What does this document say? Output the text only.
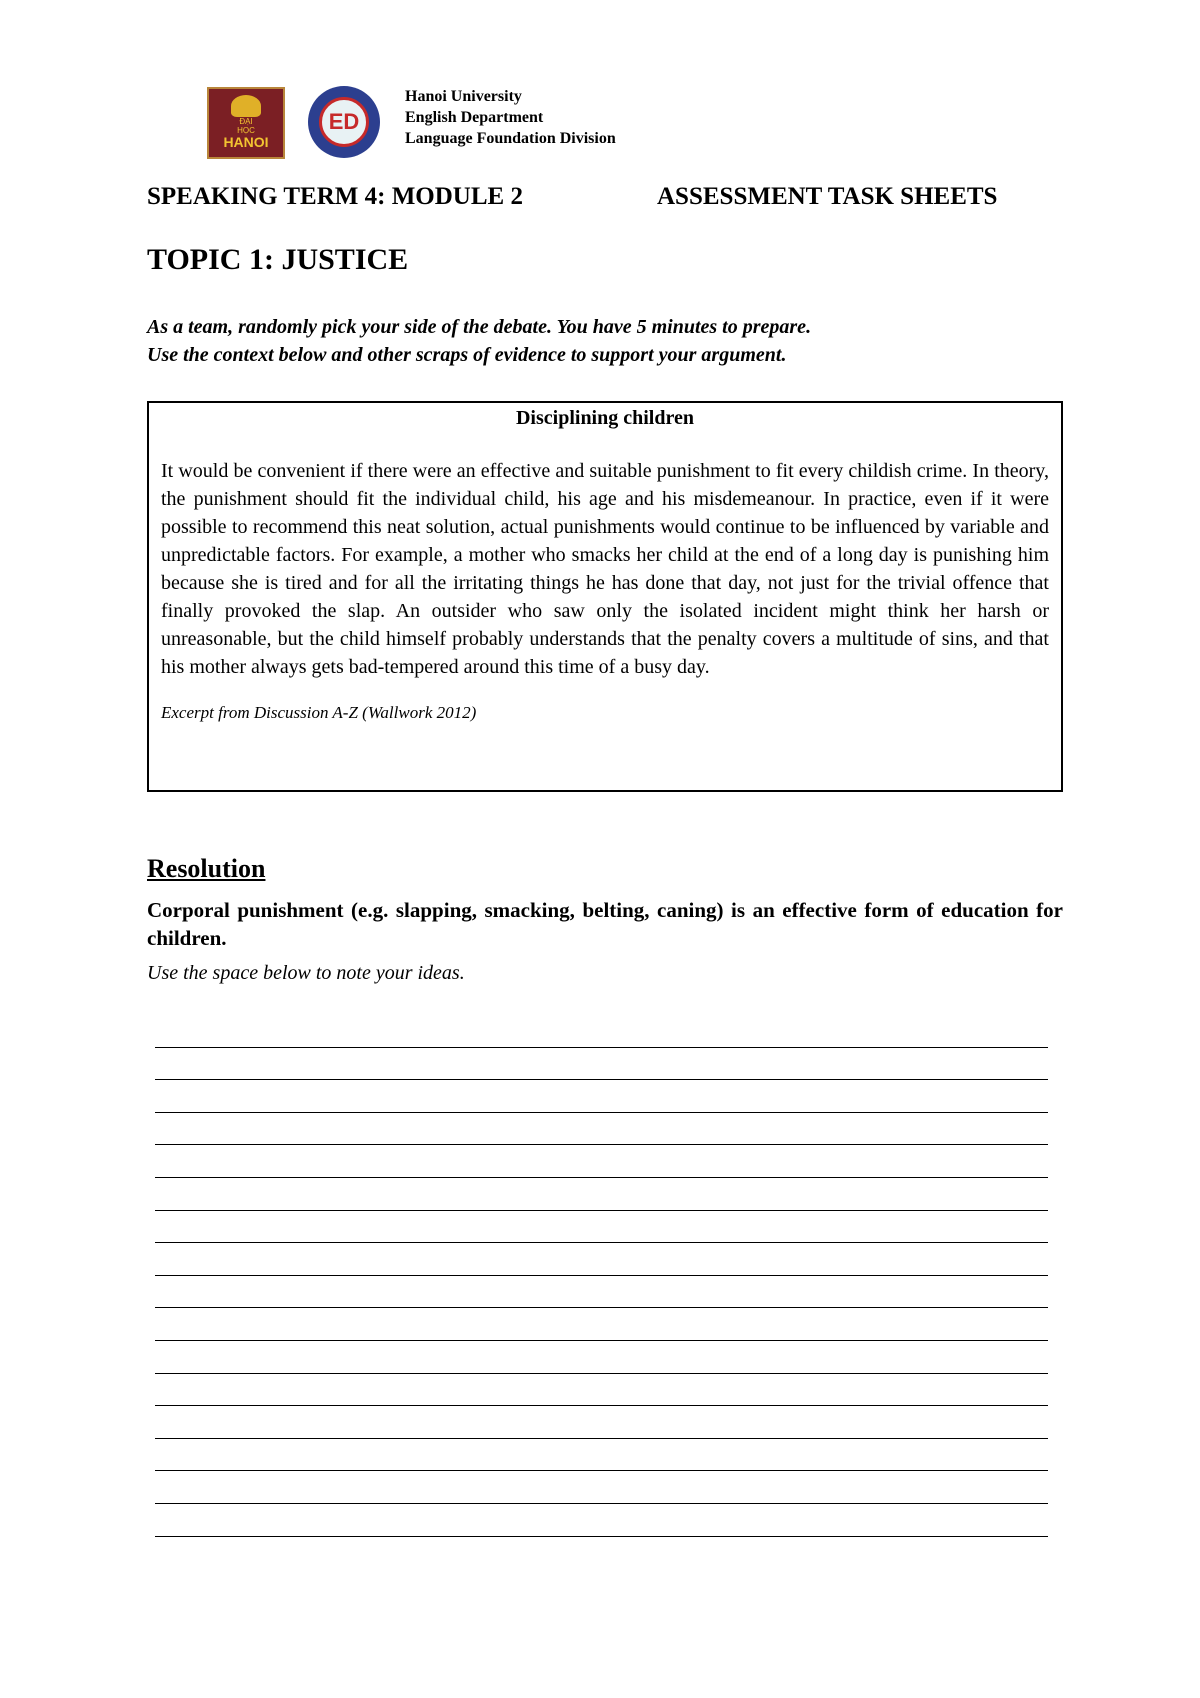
ĐẠI
HỌC
HANOI
ED
Hanoi University
English Department
Language Foundation Division
SPEAKING TERM 4: MODULE 2	ASSESSMENT TASK SHEETS
TOPIC 1: JUSTICE
As a team, randomly pick your side of the debate. You have 5 minutes to prepare.
Use the context below and other scraps of evidence to support your argument.
Disciplining children
It would be convenient if there were an effective and suitable punishment to fit every childish crime. In theory, the punishment should fit the individual child, his age and his misdemeanour. In practice, even if it were possible to recommend this neat solution, actual punishments would continue to be influenced by variable and unpredictable factors. For example, a mother who smacks her child at the end of a long day is punishing him because she is tired and for all the irritating things he has done that day, not just for the trivial offence that finally provoked the slap. An outsider who saw only the isolated incident might think her harsh or unreasonable, but the child himself probably understands that the penalty covers a multitude of sins, and that his mother always gets bad-tempered around this time of a busy day.
Excerpt from Discussion A-Z (Wallwork 2012)
Resolution
Corporal punishment (e.g. slapping, smacking, belting, caning) is an effective form of education for children.
Use the space below to note your ideas.
